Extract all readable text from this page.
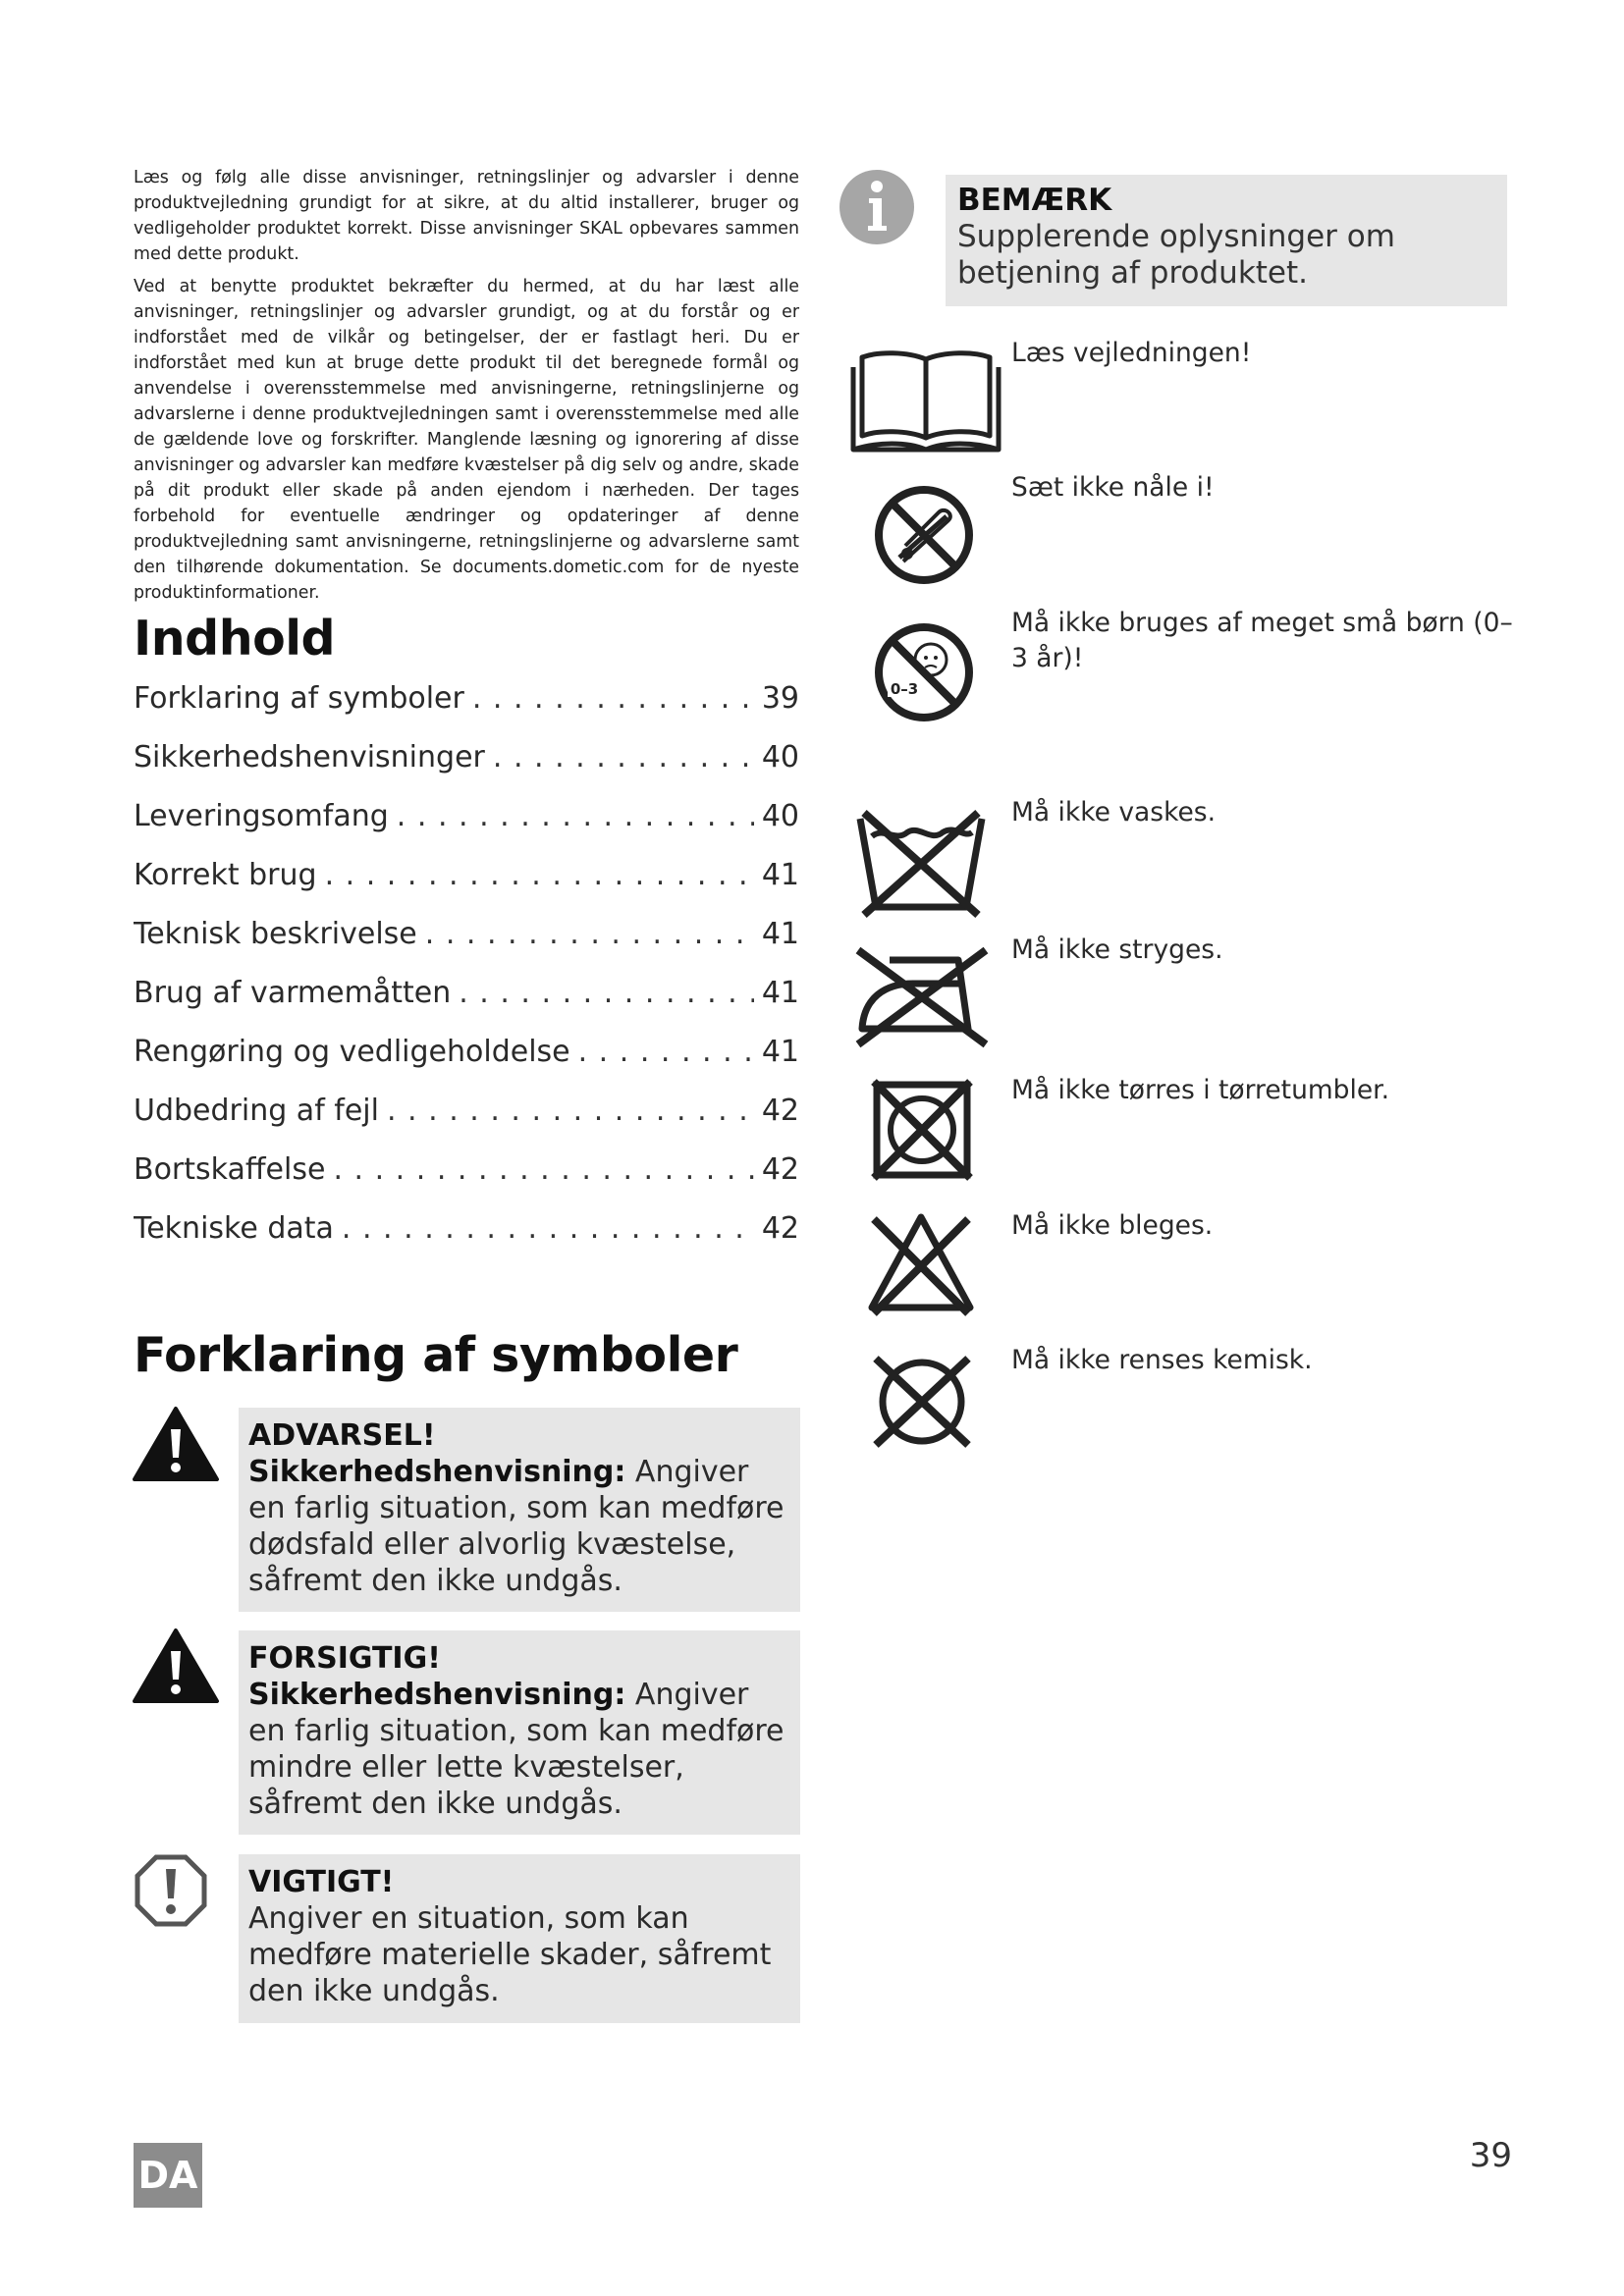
Læs og følg alle disse anvisninger, retningslinjer og advarsler i denne produktvejledning grundigt for at sikre, at du altid installerer, bruger og vedligeholder produktet korrekt. Disse anvisninger SKAL opbevares sammen med dette produkt.

Ved at benytte produktet bekræfter du hermed, at du har læst alle anvisninger, retningslinjer og advarsler grundigt, og at du forstår og er indforstået med de vilkår og betingelser, der er fastlagt heri. Du er indforstået med kun at bruge dette produkt til det beregnede formål og anvendelse i overensstemmelse med anvisningerne, retningslinjerne og advarslerne i denne produktvejledningen samt i overensstemmelse med alle de gældende love og forskrifter. Manglende læsning og ignorering af disse anvisninger og advarsler kan medføre kvæstelser på dig selv og andre, skade på dit produkt eller skade på anden ejendom i nærheden. Der tages forbehold for eventuelle ændringer og opdateringer af denne produktvejledning samt anvisningerne, retningslinjerne og advarslerne samt den tilhørende dokumentation. Se documents.dometic.com for de nyeste produktinformationer.

Indhold
Forklaring af symboler . . .	39
Sikkerhedshenvisninger . . .	40
Leveringsomfang . . .	40
Korrekt brug . . .	41
Teknisk beskrivelse . . .	41
Brug af varmemåtten . . .	41
Rengøring og vedligeholdelse . . .	41
Udbedring af fejl . . .	42
Bortskaffelse . . .	42
Tekniske data . . .	42
Forklaring af symboler
ADVARSEL!
Sikkerhedshenvisning: Angiver en farlig situation, som kan medføre dødsfald eller alvorlig kvæstelse, såfremt den ikke undgås.
FORSIGTIG!
Sikkerhedshenvisning: Angiver en farlig situation, som kan medføre mindre eller lette kvæstelser, såfremt den ikke undgås.
VIGTIGT!
Angiver en situation, som kan medføre materielle skader, såfremt den ikke undgås.
BEMÆRK
Supplerende oplysninger om betjening af produktet.
Læs vejledningen!
Sæt ikke nåle i!
0–3
Må ikke bruges af meget små børn (0–3 år)!
Må ikke vaskes.
Må ikke stryges.
Må ikke tørres i tørretumbler.
Må ikke bleges.
Må ikke renses kemisk.
DA	39
